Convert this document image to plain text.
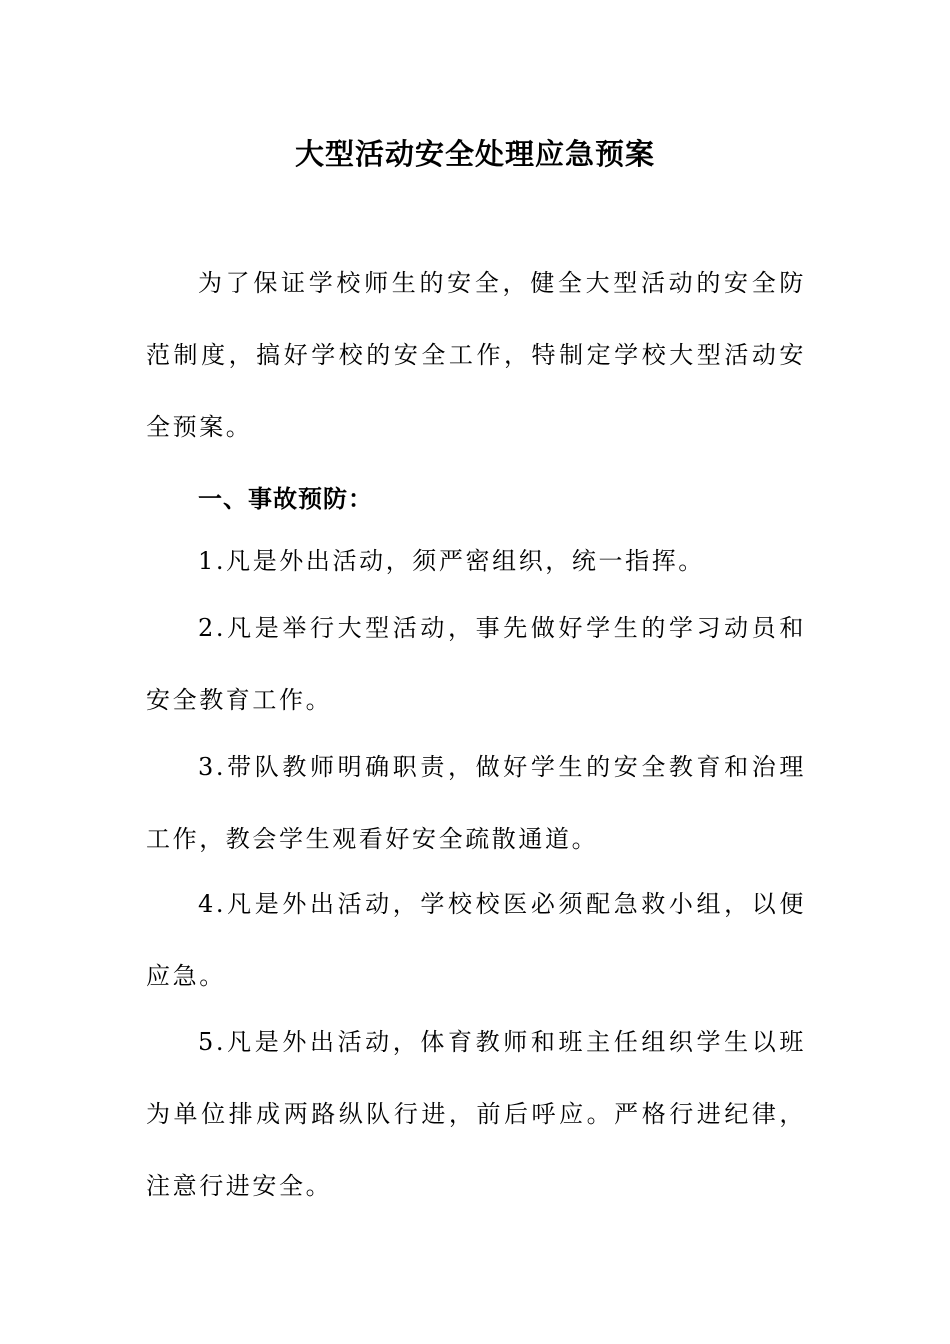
大型活动安全处理应急预案
为了保证学校师生的安全，健全大型活动的安全防范制度，搞好学校的安全工作，特制定学校大型活动安全预案。
一、事故预防：
1.凡是外出活动，须严密组织，统一指挥。
2.凡是举行大型活动，事先做好学生的学习动员和安全教育工作。
3.带队教师明确职责，做好学生的安全教育和治理工作，教会学生观看好安全疏散通道。
4.凡是外出活动，学校校医必须配急救小组，以便应急。
5.凡是外出活动，体育教师和班主任组织学生以班为单位排成两路纵队行进，前后呼应。严格行进纪律，注意行进安全。
